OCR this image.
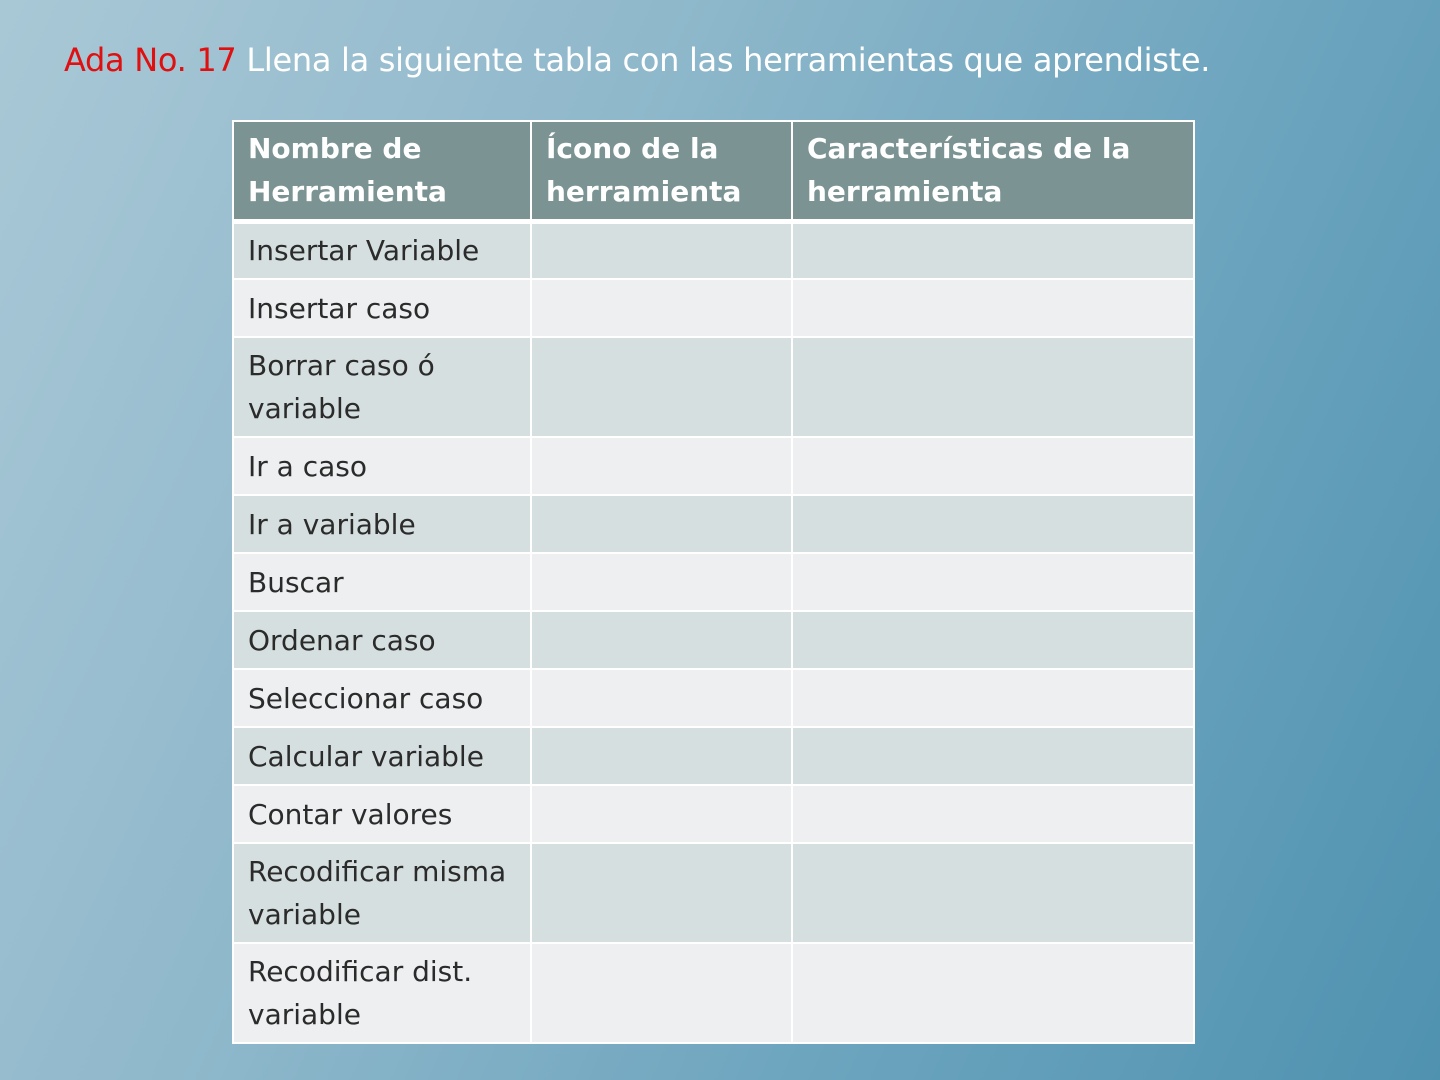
Ada No. 17 Llena la siguiente tabla con las herramientas que aprendiste.
Nombre de Herramienta	Ícono de la herramienta	Características de la herramienta
Insertar Variable		
Insertar caso		
Borrar caso ó variable		
Ir a caso		
Ir a variable		
Buscar		
Ordenar caso		
Seleccionar caso		
Calcular variable		
Contar valores		
Recodificar misma variable		
Recodificar dist. variable		
